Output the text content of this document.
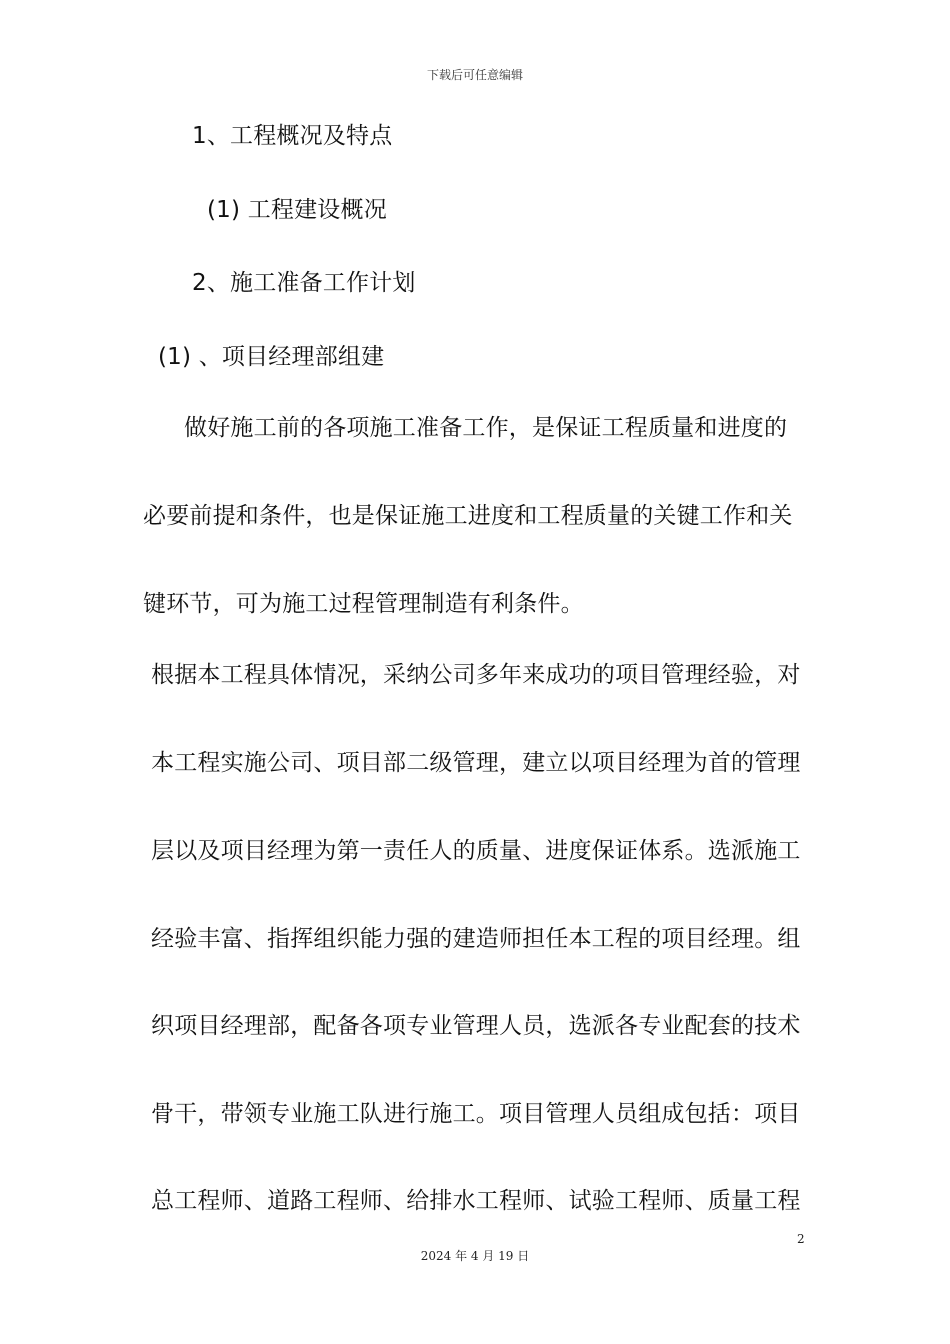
下载后可任意编辑
1、工程概况及特点
(1) 工程建设概况
2、施工准备工作计划
(1) 、项目经理部组建
做好施工前的各项施工准备工作，是保证工程质量和进度的
必要前提和条件，也是保证施工进度和工程质量的关键工作和关
键环节，可为施工过程管理制造有利条件。
根据本工程具体情况，采纳公司多年来成功的项目管理经验，对
本工程实施公司、项目部二级管理，建立以项目经理为首的管理
层以及项目经理为第一责任人的质量、进度保证体系。选派施工
经验丰富、指挥组织能力强的建造师担任本工程的项目经理。组
织项目经理部，配备各项专业管理人员，选派各专业配套的技术
骨干，带领专业施工队进行施工。项目管理人员组成包括：项目
总工程师、道路工程师、给排水工程师、试验工程师、质量工程
2
2024 年 4 月 19 日
